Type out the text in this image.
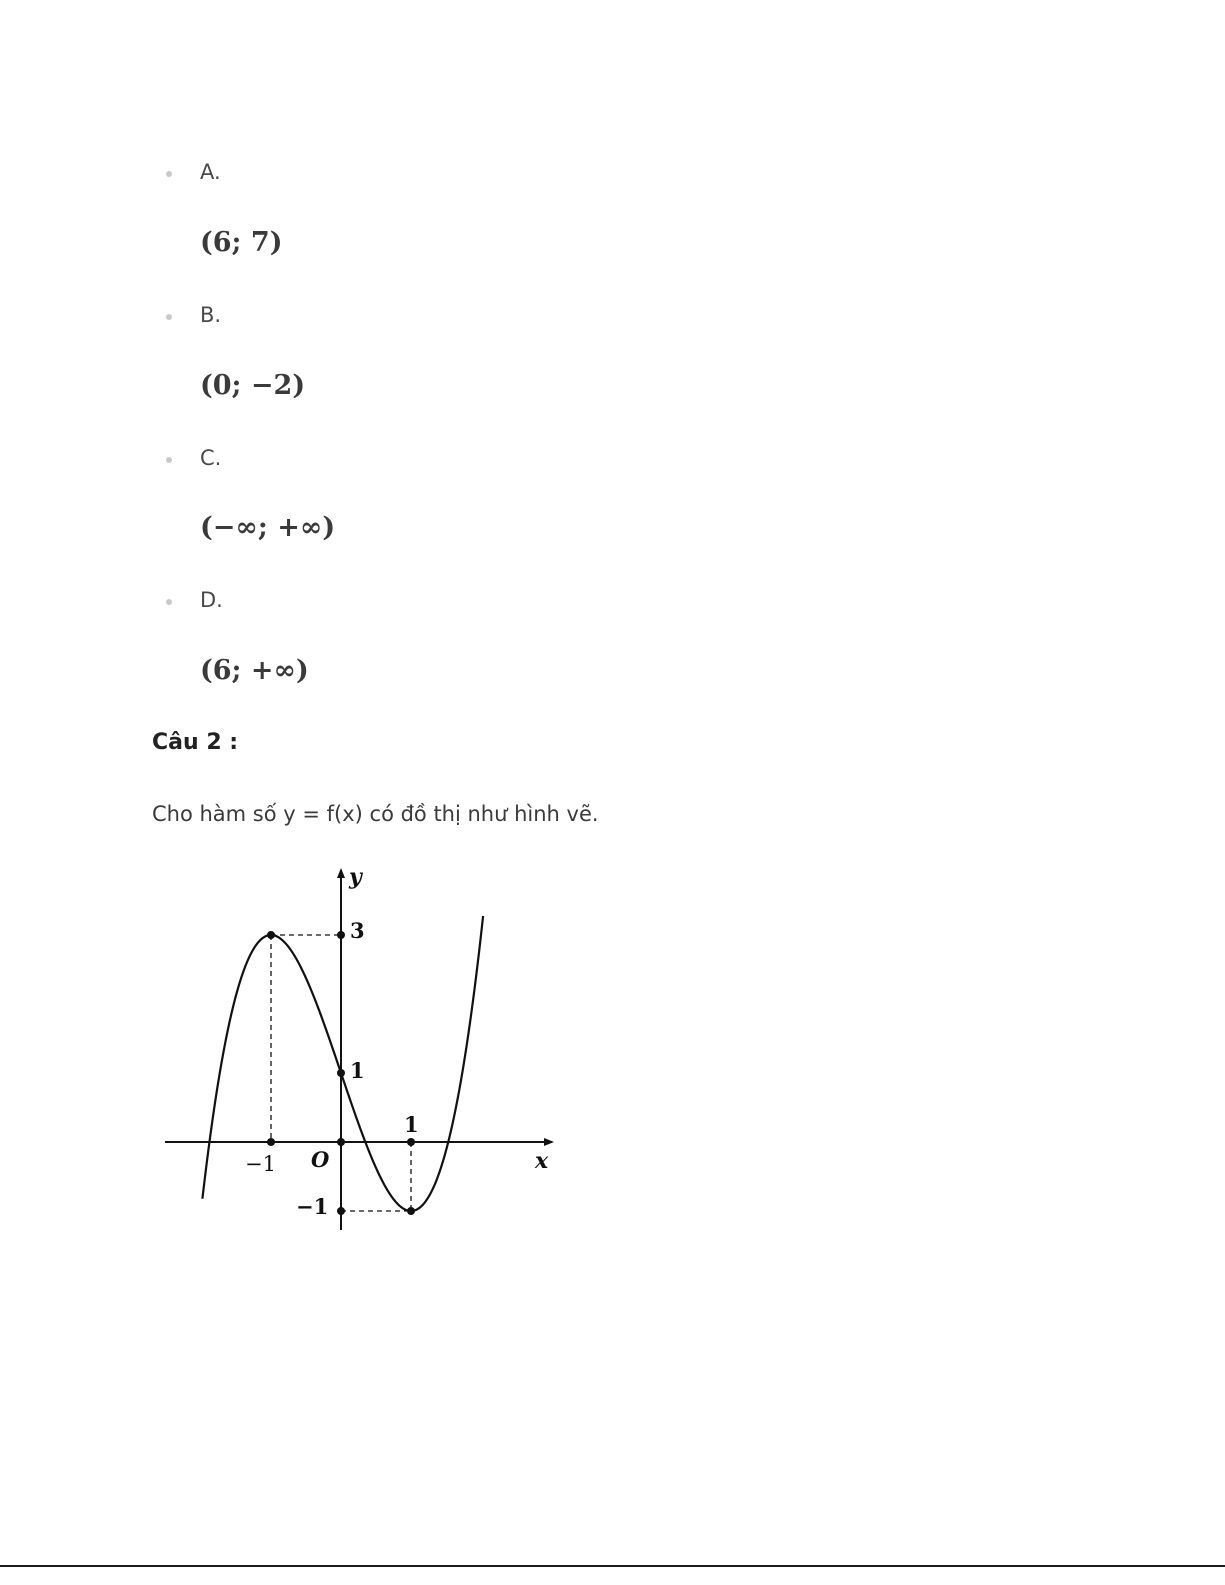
A.
(6; 7)
B.
(0; −2)
C.
(−∞; +∞)
D.
(6; +∞)
Câu 2 :
Cho hàm số y = f(x) có đồ thị như hình vẽ.
y
x
O
3
1
−1
−1
1
